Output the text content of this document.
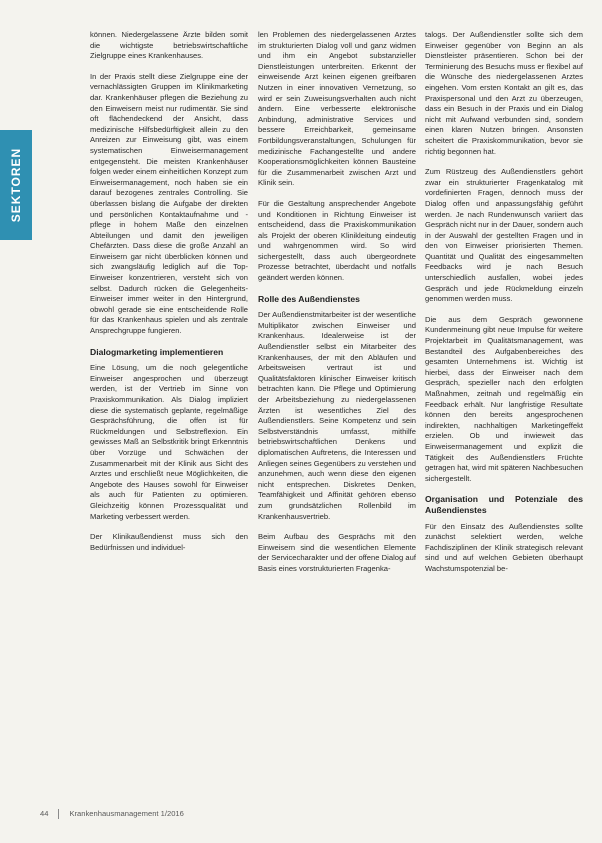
SEKTOREN

können. Niedergelassene Ärzte bilden somit die wichtigste betriebswirtschaftliche Zielgruppe eines Krankenhauses.

In der Praxis stellt diese Zielgruppe eine der vernachlässigten Gruppen im Klinikmarketing dar. Krankenhäuser pflegen die Beziehung zu den Einweisern meist nur rudimentär. Sie sind oft flächendeckend der Ansicht, dass medizinische Hilfsbedürftigkeit allein zu den Anreizen zur Einweisung gibt, was einem systematischen Einweisermanagement entgegensteht. Die meisten Krankenhäuser folgen weder einem einheitlichen Konzept zum Einweisermanagement, noch haben sie ein darauf bezogenes zentrales Controlling. Sie überlassen bislang die Aufgabe der direkten und persönlichen Kontaktaufnahme und -pflege in hohem Maße den einzelnen Abteilungen und damit den jeweiligen Chefärzten. Dass diese die große Anzahl an Einweisern gar nicht überblicken können und sich zwangsläufig lediglich auf die Top-Einweiser konzentrieren, versteht sich von selbst. Dadurch rücken die Gelegenheits-Einweiser immer weiter in den Hintergrund, obwohl gerade sie eine entscheidende Rolle für das Krankenhaus spielen und als zentrale Ansprechgruppe fungieren.

Dialogmarketing implementieren

Eine Lösung, um die noch gelegentliche Einweiser angesprochen und überzeugt werden, ist der Vertrieb im Sinne von Praxiskommunikation. Als Dialog impliziert diese die systematisch geplante, regelmäßige Gesprächsführung, die offen ist für Rückmeldungen und Selbstreflexion. Ein gewisses Maß an Selbstkritik bringt Erkenntnis über Vorzüge und Schwächen der Zusammenarbeit mit der Klinik aus Sicht des Arztes und erschließt neue Möglichkeiten, die Angebote des Hauses sowohl für Einweiser als auch für Patienten zu optimieren. Gleichzeitig können Prozessqualität und Marketing verbessert werden.

Der Klinikaußendienst muss sich den Bedürfnissen und individuel-

len Problemen des niedergelassenen Arztes im strukturierten Dialog voll und ganz widmen und ihm ein Angebot substanzieller Dienstleistungen unterbreiten. Erkennt der einweisende Arzt keinen eigenen greifbaren Nutzen in einer innovativen Vernetzung, so wird er sein Zuweisungsverhalten auch nicht ändern. Eine verbesserte elektronische Anbindung, administrative Services und bessere Erreichbarkeit, gemeinsame Fortbildungsveranstaltungen, Schulungen für medizinische Fachangestellte und andere Kooperationsmöglichkeiten können Bausteine für die Zusammenarbeit zwischen Arzt und Klinik sein.

Für die Gestaltung ansprechender Angebote und Konditionen in Richtung Einweiser ist entscheidend, dass die Praxiskommunikation als Projekt der oberen Klinikleitung eindeutig und wahrgenommen wird. So wird sichergestellt, dass auch übergeordnete Prozesse betrachtet, überdacht und notfalls geändert werden können.

Rolle des Außendienstes

Der Außendienstmitarbeiter ist der wesentliche Multiplikator zwischen Einweiser und Krankenhaus. Idealerweise ist der Außendienstler selbst ein Mitarbeiter des Krankenhauses, der mit den Abläufen und Arbeitsweisen vertraut ist und Qualitätsfaktoren klinischer Einweiser kritisch betrachten kann. Die Pflege und Optimierung der Arbeitsbeziehung zu niedergelassenen Ärzten ist wesentliches Ziel des Außendienstlers. Seine Kompetenz und sein Selbstverständnis umfasst, mithilfe betriebswirtschaftlichen Denkens und diplomatischen Auftretens, die Interessen und Anliegen seines Gegenübers zu verstehen und anzunehmen, auch wenn diese den eigenen nicht entsprechen. Diskretes Denken, Teamfähigkeit und Affinität gehören ebenso zum grundsätzlichen Rollenbild im Krankenhausvertrieb.

Beim Aufbau des Gesprächs mit den Einweisern sind die wesentlichen Elemente der Servicecharakter und der offene Dialog auf Basis eines vorstrukturierten Fragenka-

talogs. Der Außendienstler sollte sich dem Einweiser gegenüber von Beginn an als Dienstleister präsentieren. Schon bei der Terminierung des Besuchs muss er flexibel auf die Wünsche des niedergelassenen Arztes eingehen. Vom ersten Kontakt an gilt es, das Praxispersonal und den Arzt zu überzeugen, dass ein Besuch in der Praxis und ein Dialog nicht mit Aufwand verbunden sind, sondern einen klaren Nutzen bringen. Ansonsten scheitert die Praxiskommunikation, bevor sie richtig begonnen hat.

Zum Rüstzeug des Außendienstlers gehört zwar ein strukturierter Fragenkatalog mit vordefinierten Fragen, dennoch muss der Dialog offen und anpassungsfähig geführt werden. Je nach Rundenwunsch variiert das Gespräch nicht nur in der Dauer, sondern auch in der Auswahl der gestellten Fragen und in den von Einweiser priorisierten Themen. Quantität und Qualität des eingesammelten Feedbacks wird je nach Besuch unterschiedlich ausfallen, wobei jedes Gespräch und jede Rückmeldung einzeln genommen werden muss.

Die aus dem Gespräch gewonnene Kundenmeinung gibt neue Impulse für weitere Projektarbeit im Qualitätsmanagement, was Bestandteil des Aufgabenbereiches des gesamten Unternehmens ist. Wichtig ist hierbei, dass der Einweiser nach dem Gespräch, spezieller nach den erfolgten Maßnahmen, zeitnah und regelmäßig ein Feedback erhält. Nur langfristige Resultate können den bereits angesprochenen indirekten, nachhaltigen Marketingeffekt erzielen. Ob und inwieweit das Einweisermanagement und explizit die Tätigkeit des Außendienstlers Früchte getragen hat, wird mit späteren Nachbesuchen sichergestellt.

Organisation und Potenziale des Außendienstes

Für den Einsatz des Außendienstes sollte zunächst selektiert werden, welche Fachdisziplinen der Klinik strategisch relevant sind und auf welchen Gebieten überhaupt Wachstumspotenzial be-

44	Krankenhausmanagement 1/2016
